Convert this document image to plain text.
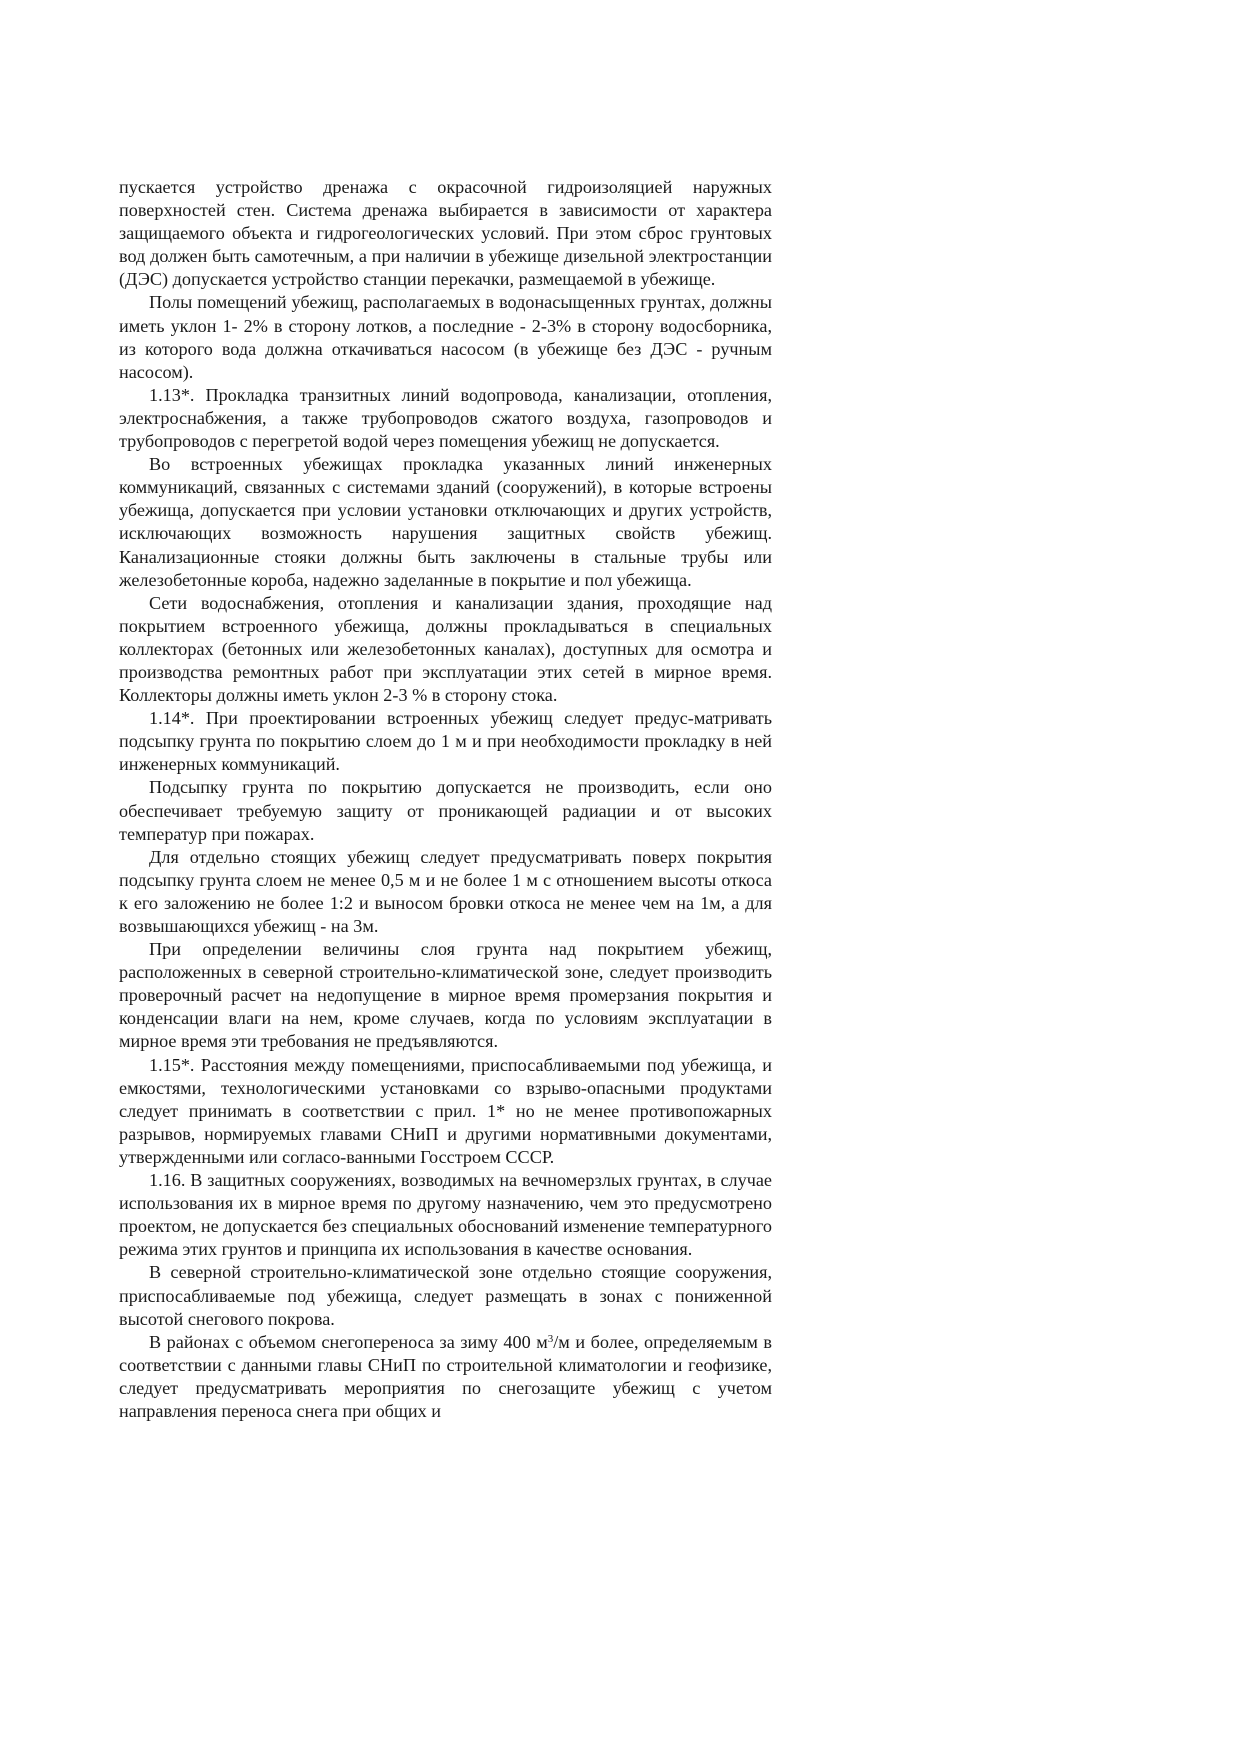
пускается устройство дренажа с окрасочной гидроизоляцией наружных поверхностей стен. Система дренажа выбирается в зависимости от характера защищаемого объекта и гидрогеологических условий. При этом сброс грунтовых вод должен быть самотечным, а при наличии в убежище дизельной электростанции (ДЭС) допускается устройство станции перекачки, размещаемой в убежище.

Полы помещений убежищ, располагаемых в водонасыщенных грунтах, должны иметь уклон 1- 2% в сторону лотков, а последние - 2-3% в сторону водосборника, из которого вода должна откачиваться насосом (в убежище без ДЭС - ручным насосом).

1.13*. Прокладка транзитных линий водопровода, канализации, отопления, электроснабжения, а также трубопроводов сжатого воздуха, газопроводов и трубопроводов с перегретой водой через помещения убежищ не допускается.

Во встроенных убежищах прокладка указанных линий инженерных коммуникаций, связанных с системами зданий (сооружений), в которые встроены убежища, допускается при условии установки отключающих и других устройств, исключающих возможность нарушения защитных свойств убежищ. Канализационные стояки должны быть заключены в стальные трубы или железобетонные короба, надежно заделанные в покрытие и пол убежища.

Сети водоснабжения, отопления и канализации здания, проходящие над покрытием встроенного убежища, должны прокладываться в специальных коллекторах (бетонных или железобетонных каналах), доступных для осмотра и производства ремонтных работ при эксплуатации этих сетей в мирное время. Коллекторы должны иметь уклон 2-3 % в сторону стока.

1.14*. При проектировании встроенных убежищ следует предус-матривать подсыпку грунта по покрытию слоем до 1 м и при необходимости прокладку в ней инженерных коммуникаций.

Подсыпку грунта по покрытию допускается не производить, если оно обеспечивает требуемую защиту от проникающей радиации и от высоких температур при пожарах.

Для отдельно стоящих убежищ следует предусматривать поверх покрытия подсыпку грунта слоем не менее 0,5 м и не более 1 м с отношением высоты откоса к его заложению не более 1:2 и выносом бровки откоса не менее чем на 1м, а для возвышающихся убежищ - на 3м.

При определении величины слоя грунта над покрытием убежищ, расположенных в северной строительно-климатической зоне, следует производить проверочный расчет на недопущение в мирное время промерзания покрытия и конденсации влаги на нем, кроме случаев, когда по условиям эксплуатации в мирное время эти требования не предъявляются.

1.15*. Расстояния между помещениями, приспосабливаемыми под убежища, и емкостями, технологическими установками со взрыво-опасными продуктами следует принимать в соответствии с прил. 1* но не менее противопожарных разрывов, нормируемых главами СНиП и другими нормативными документами, утвержденными или согласо-ванными Госстроем СССР.

1.16. В защитных сооружениях, возводимых на вечномерзлых грунтах, в случае использования их в мирное время по другому назначению, чем это предусмотрено проектом, не допускается без специальных обоснований изменение температурного режима этих грунтов и принципа их использования в качестве основания.

В северной строительно-климатической зоне отдельно стоящие сооружения, приспосабливаемые под убежища, следует размещать в зонах с пониженной высотой снегового покрова.

В районах с объемом снегопереноса за зиму 400 $м^3/м$ и более, определяемым в соответствии с данными главы СНиП по строительной климатологии и геофизике, следует предусматривать мероприятия по снегозащите убежищ с учетом направления переноса снега при общих и
